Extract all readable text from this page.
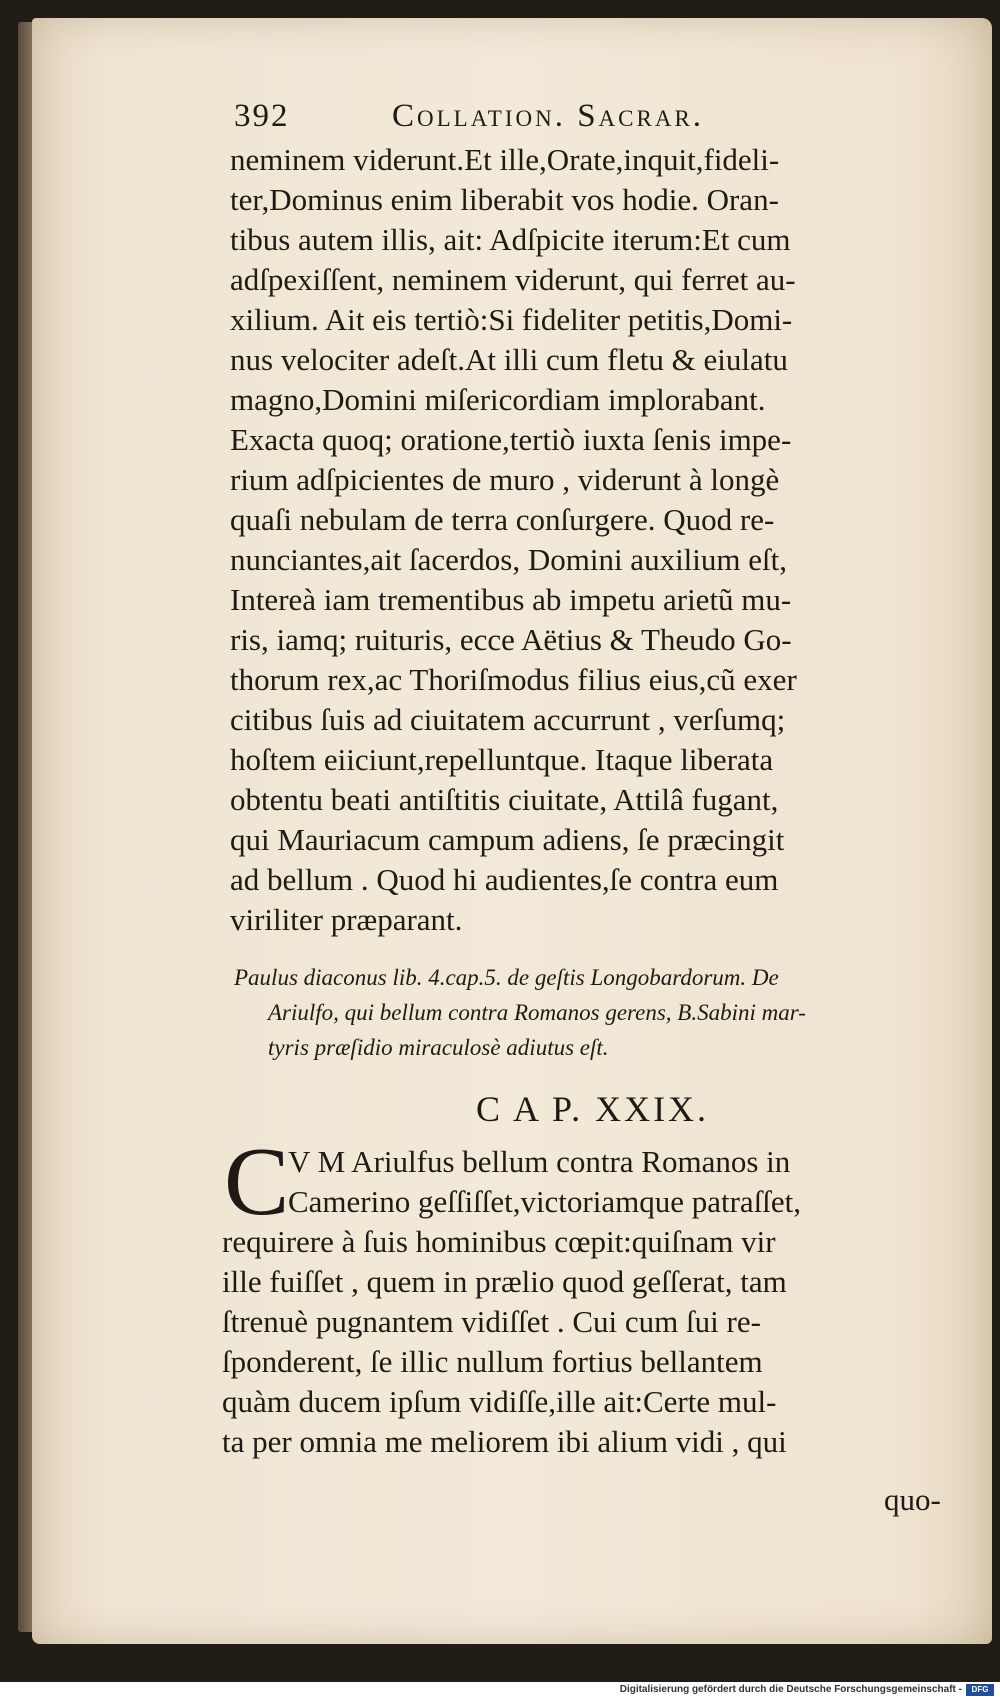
392	Collation. Sacrar.
neminem viderunt.Et ille,Orate,inquit,fideli-
ter,Dominus enim liberabit vos hodie. Oran-
tibus autem illis, ait: Adſpicite iterum:Et cum
adſpexiſſent, neminem viderunt, qui ferret au-
xilium. Ait eis tertiò:Si fideliter petitis,Domi-
nus velociter adeſt.At illi cum fletu & eiulatu
magno,Domini miſericordiam implorabant.
Exacta quoq; oratione,tertiò iuxta ſenis impe-
rium adſpicientes de muro , viderunt à longè
quaſi nebulam de terra conſurgere. Quod re-
nunciantes,ait ſacerdos, Domini auxilium eſt,
Intereà iam trementibus ab impetu arietũ mu-
ris, iamq; ruituris, ecce Aëtius & Theudo Go-
thorum rex,ac Thoriſmodus filius eius,cũ exer
citibus ſuis ad ciuitatem accurrunt , verſumq;
hoſtem eiiciunt,repelluntque. Itaque liberata
obtentu beati antiſtitis ciuitate, Attilâ fugant,
qui Mauriacum campum adiens, ſe præcingit
ad bellum . Quod hi audientes,ſe contra eum
viriliter præparant.
Paulus diaconus lib. 4.cap.5. de geſtis Longobardorum. De
Ariulfo, qui bellum contra Romanos gerens, B.Sabini mar-
tyris præſidio miraculosè adiutus eſt.
C A P. XXIX.
C
V M Ariulfus bellum contra Romanos in
Camerino geſſiſſet,victoriamque patraſſet,
requirere à ſuis hominibus cœpit:quiſnam vir
ille fuiſſet , quem in prælio quod geſſerat, tam
ſtrenuè pugnantem vidiſſet . Cui cum ſui re-
ſponderent, ſe illic nullum fortius bellantem
quàm ducem ipſum vidiſſe,ille ait:Certe mul-
ta per omnia me meliorem ibi alium vidi , qui
quo-
Digitalisierung gefördert durch die Deutsche Forschungsgemeinschaft -	DFG
